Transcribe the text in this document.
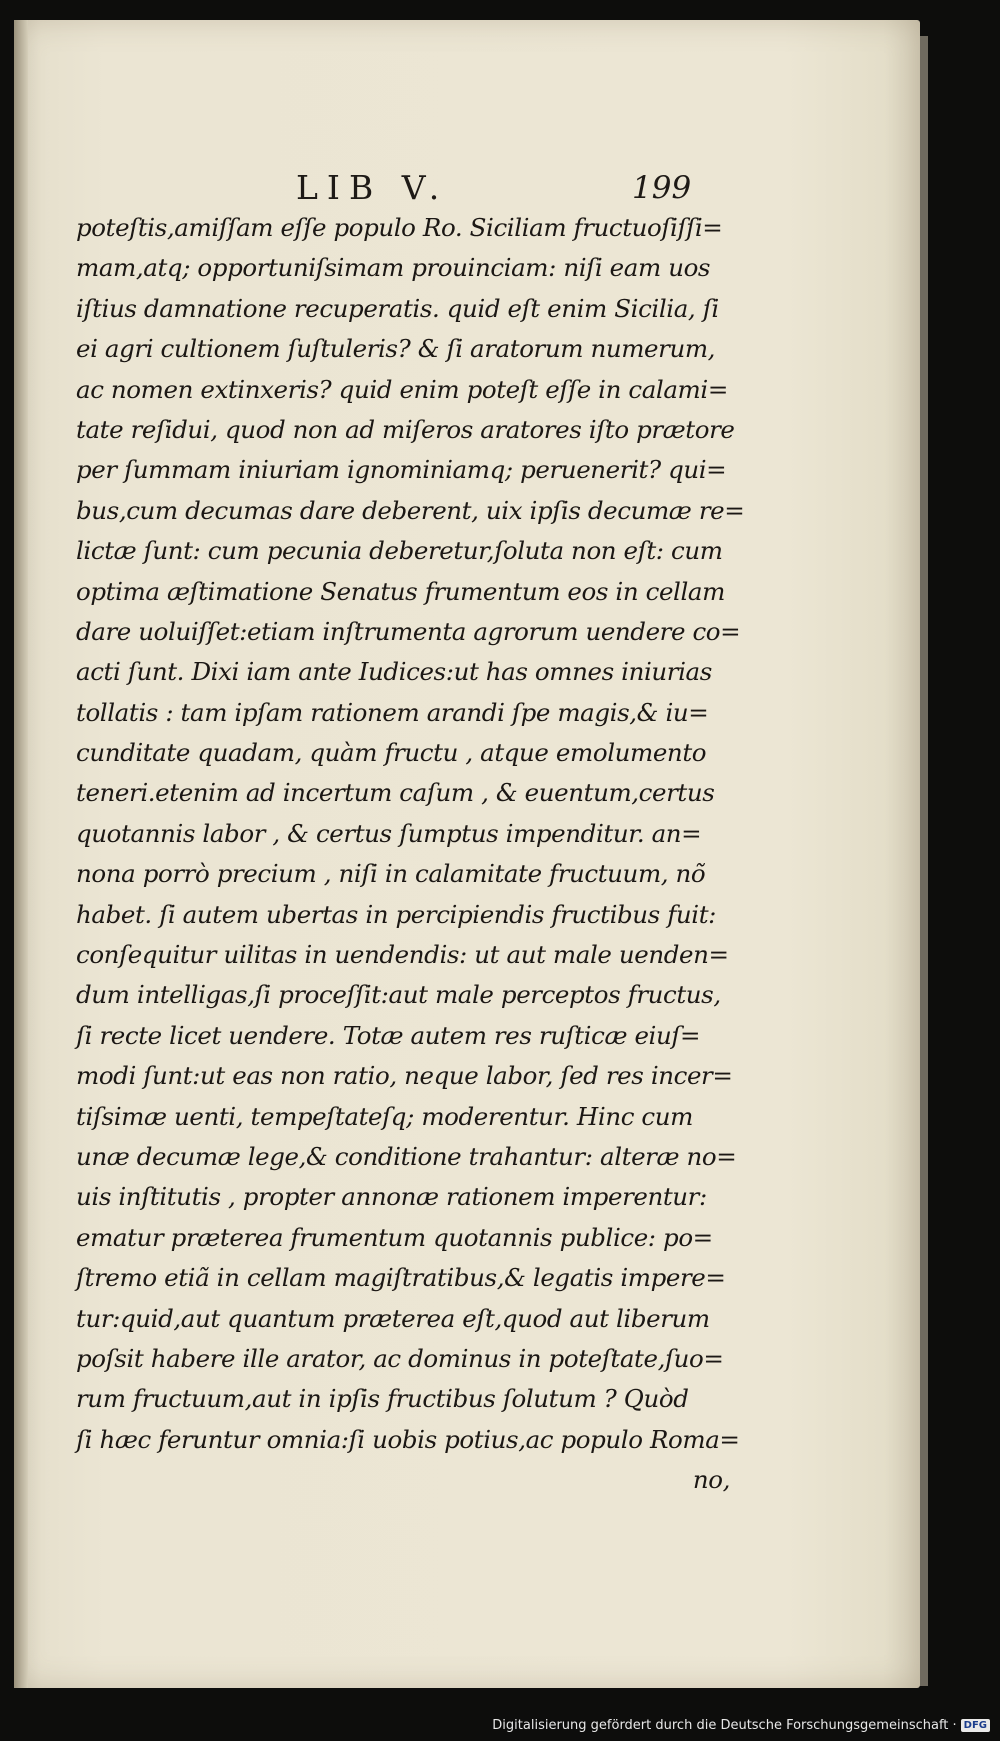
LIB V.	199
poteſtis,amiſſam eſſe populo Ro. Siciliam fructuoſiſſi=
mam,atq; opportuniſsimam prouinciam: niſi eam uos
iſtius damnatione recuperatis. quid eſt enim Sicilia, ſi
ei agri cultionem ſuſtuleris? & ſi aratorum numerum,
ac nomen extinxeris? quid enim poteſt eſſe in calami=
tate reſidui, quod non ad miſeros aratores iſto prætore
per ſummam iniuriam ignominiamq; peruenerit? qui=
bus,cum decumas dare deberent, uix ipſis decumæ re=
lictæ ſunt: cum pecunia deberetur,ſoluta non eſt: cum
optima æſtimatione Senatus frumentum eos in cellam
dare uoluiſſet:etiam inſtrumenta agrorum uendere co=
acti ſunt. Dixi iam ante Iudices:ut has omnes iniurias
tollatis : tam ipſam rationem arandi ſpe magis,& iu=
cunditate quadam, quàm fructu , atque emolumento
teneri.etenim ad incertum caſum , & euentum,certus
quotannis labor , & certus ſumptus impenditur. an=
nona porrò precium , niſi in calamitate fructuum, nõ
habet. ſi autem ubertas in percipiendis fructibus fuit:
conſequitur uilitas in uendendis: ut aut male uenden=
dum intelligas,ſi proceſſit:aut male perceptos fructus,
ſi recte licet uendere. Totæ autem res ruſticæ eiuſ=
modi ſunt:ut eas non ratio, neque labor, ſed res incer=
tiſsimæ uenti, tempeſtateſq; moderentur. Hinc cum
unæ decumæ lege,& conditione trahantur: alteræ no=
uis inſtitutis , propter annonæ rationem imperentur:
ematur præterea frumentum quotannis publice: po=
ſtremo etiã in cellam magiſtratibus,& legatis impere=
tur:quid,aut quantum præterea eſt,quod aut liberum
poſsit habere ille arator, ac dominus in poteſtate,ſuo=
rum fructuum,aut in ipſis fructibus ſolutum ? Quòd
ſi hæc feruntur omnia:ſi uobis potius,ac populo Roma=
no,
Digitalisierung gefördert durch die Deutsche Forschungsgemeinschaft · DFG
